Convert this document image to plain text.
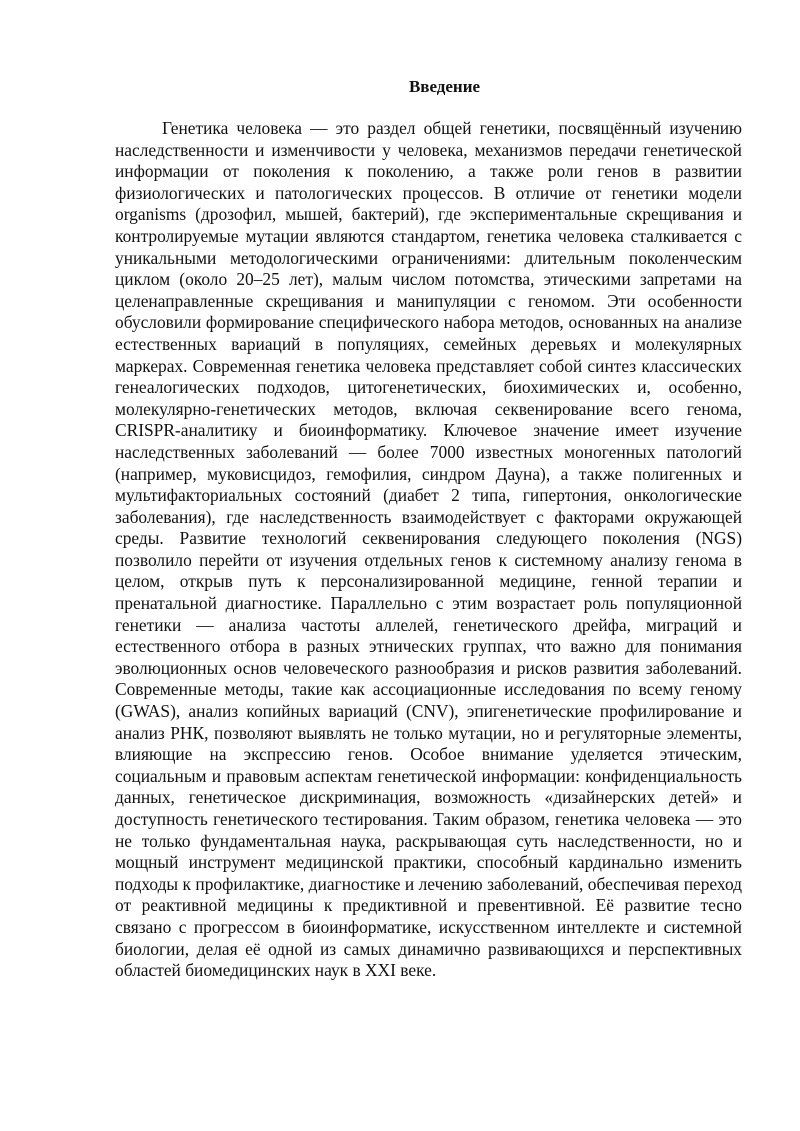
Введение

Генетика человека — это раздел общей генетики, посвящённый изучению наследственности и изменчивости у человека, механизмов передачи генетической информации от поколения к поколению, а также роли генов в развитии физиологических и патологических процессов. В отличие от генетики модели organisms (дрозофил, мышей, бактерий), где экспериментальные скрещивания и контролируемые мутации являются стандартом, генетика человека сталкивается с уникальными методологическими ограничениями: длительным поколенческим циклом (около 20–25 лет), малым числом потомства, этическими запретами на целенаправленные скрещивания и манипуляции с геномом. Эти особенности обусловили формирование специфического набора методов, основанных на анализе естественных вариаций в популяциях, семейных деревьях и молекулярных маркерах. Современная генетика человека представляет собой синтез классических генеалогических подходов, цитогенетических, биохимических и, особенно, молекулярно-генетических методов, включая секвенирование всего генома, CRISPR-аналитику и биоинформатику. Ключевое значение имеет изучение наследственных заболеваний — более 7000 известных моногенных патологий (например, муковисцидоз, гемофилия, синдром Дауна), а также полигенных и мультифакториальных состояний (диабет 2 типа, гипертония, онкологические заболевания), где наследственность взаимодействует с факторами окружающей среды. Развитие технологий секвенирования следующего поколения (NGS) позволило перейти от изучения отдельных генов к системному анализу генома в целом, открыв путь к персонализированной медицине, генной терапии и пренатальной диагностике. Параллельно с этим возрастает роль популяционной генетики — анализа частоты аллелей, генетического дрейфа, миграций и естественного отбора в разных этнических группах, что важно для понимания эволюционных основ человеческого разнообразия и рисков развития заболеваний. Современные методы, такие как ассоциационные исследования по всему геному (GWAS), анализ копийных вариаций (CNV), эпигенетические профилирование и анализ РНК, позволяют выявлять не только мутации, но и регуляторные элементы, влияющие на экспрессию генов. Особое внимание уделяется этическим, социальным и правовым аспектам генетической информации: конфиденциальность данных, генетическое дискриминация, возможность «дизайнерских детей» и доступность генетического тестирования. Таким образом, генетика человека — это не только фундаментальная наука, раскрывающая суть наследственности, но и мощный инструмент медицинской практики, способный кардинально изменить подходы к профилактике, диагностике и лечению заболеваний, обеспечивая переход от реактивной медицины к предиктивной и превентивной. Её развитие тесно связано с прогрессом в биоинформатике, искусственном интеллекте и системной биологии, делая её одной из самых динамично развивающихся и перспективных областей биомедицинских наук в XXI веке.
